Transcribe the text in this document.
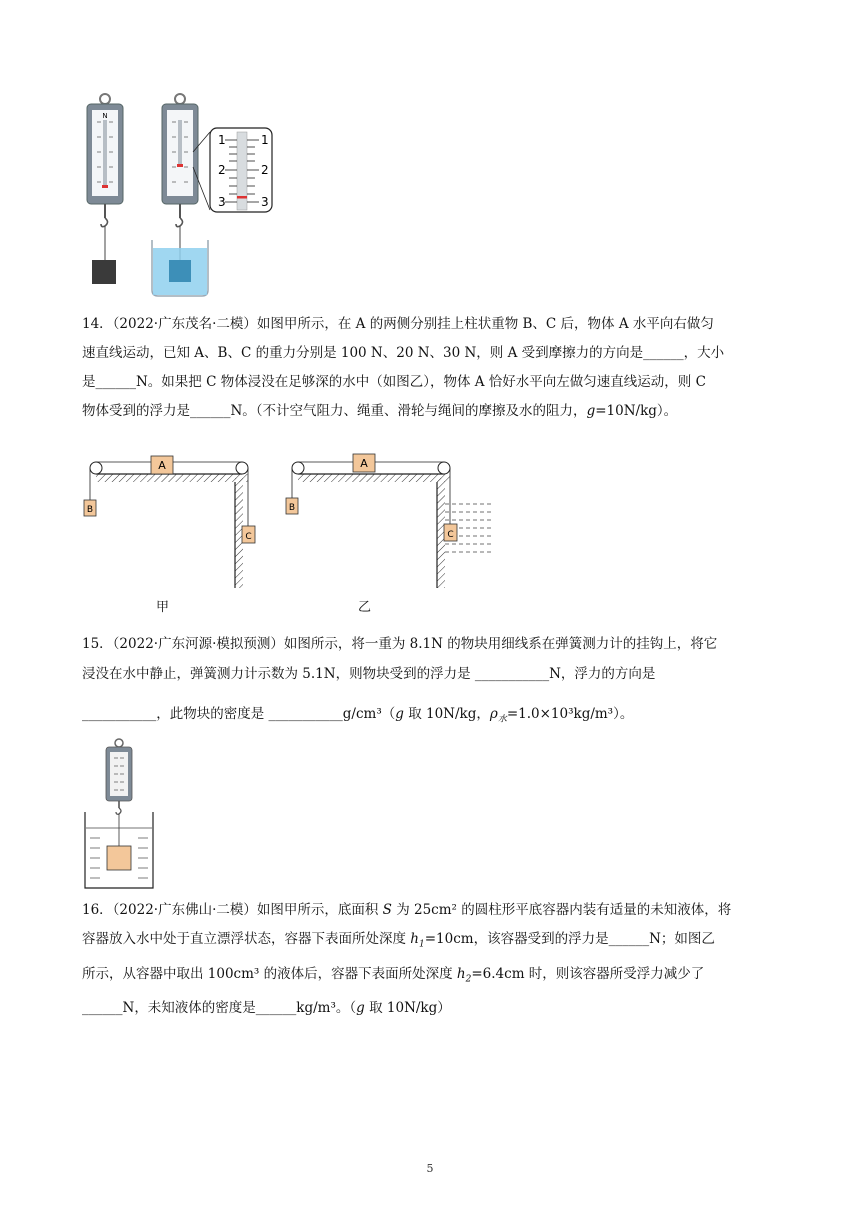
N
1	1
2	2
3	3
14．（2022·广东茂名·二模）如图甲所示，在 A 的两侧分别挂上柱状重物 B、C 后，物体 A 水平向右做匀
速直线运动，已知 A、B、C 的重力分别是 100 N、20 N、30 N，则 A 受到摩擦力的方向是______，大小
是______N。如果把 C 物体浸没在足够深的水中（如图乙），物体 A 恰好水平向左做匀速直线运动，则 C
物体受到的浮力是______N。（不计空气阻力、绳重、滑轮与绳间的摩擦及水的阻力，g=10N/kg）。
A
B
C
A
B
C
甲	乙
15．（2022·广东河源·模拟预测）如图所示，将一重为 8.1N 的物块用细线系在弹簧测力计的挂钩上，将它
浸没在水中静止，弹簧测力计示数为 5.1N，则物块受到的浮力是 ___________N，浮力的方向是
___________，此物块的密度是 ___________g/cm³（g 取 10N/kg，$\rho_水=1.0\times 10^3kg/m^3$）。
16．（2022·广东佛山·二模）如图甲所示，底面积 S 为 25cm² 的圆柱形平底容器内装有适量的未知液体，将
容器放入水中处于直立漂浮状态，容器下表面所处深度 $h_1=10cm$，该容器受到的浮力是______N；如图乙
所示，从容器中取出 100cm³ 的液体后，容器下表面所处深度 $h_2=6.4cm$ 时，则该容器所受浮力减少了
______N，未知液体的密度是______kg/m³。（g 取 10N/kg）
5
